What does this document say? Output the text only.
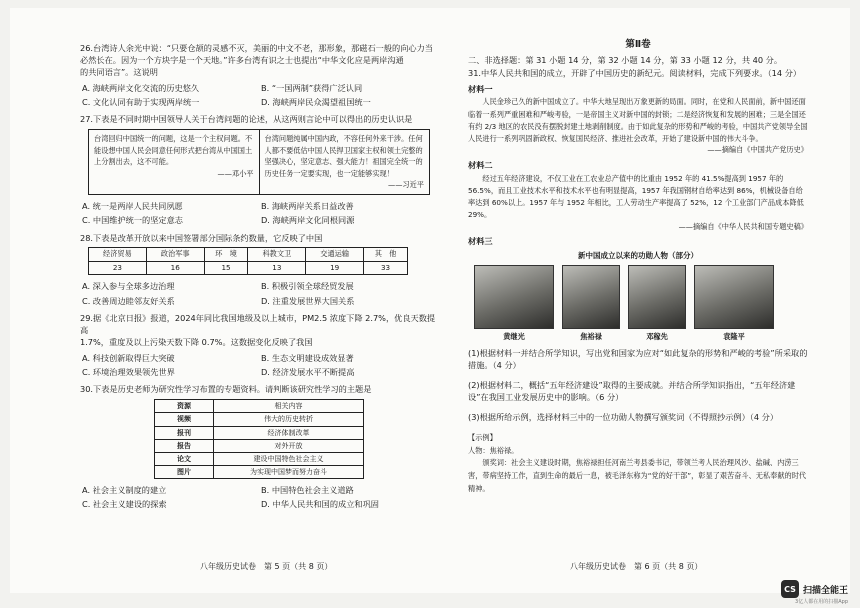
26.台湾诗人余光中说：“只要仓颉的灵感不灭，美丽的中文不老，那形象，那磁石一般的向心力当

必然长在。因为一个方块字是一个天地。”许多台湾有识之士也提出“中华文化应是两岸沟通

的共同语言”。这说明

A. 海峡两岸文化交流的历史悠久	B. “一国两制”获得广泛认同
C. 文化认同有助于实现两岸统一	D. 海峡两岸民众渴望祖国统一

27.下表是不同时期中国领导人关于台湾问题的论述，从这两则言论中可以得出的历史认识是

台湾回归中国统一的问题，这是一个主权问题。不能设想中国人民会同意任何形式把台湾从中国国土上分割出去，这不可能。
——邓小平
台湾问题纯属中国内政，不容任何外来干涉。任何人都不要低估中国人民捍卫国家主权和领土完整的坚强决心，坚定意志、强大能力！祖国完全统一的历史任务一定要实现，也一定能够实现！
——习近平
A. 统一是两岸人民共同夙愿	B. 海峡两岸关系日益改善
C. 中国维护统一的坚定意志	D. 海峡两岸文化同根同源

28.下表是改革开放以来中国签署部分国际条约数量，它反映了中国

经济贸易	政治军事	环　境	科教文卫	交通运输	其　他
23	16	15	13	19	33
A. 深入参与全球多边治理	B. 积极引领全球经贸发展
C. 改善周边睦邻友好关系	D. 注重发展世界大国关系

29.据《北京日报》报道，2024年同比我国地级及以上城市，PM2.5 浓度下降 2.7%，优良天数提高

1.7%，重度及以上污染天数下降 0.7%。这数据变化反映了我国

A. 科技创新取得巨大突破	B. 生态文明建设成效显著
C. 环境治理效果领先世界	D. 经济发展水平不断提高

30.下表是历史老师为研究性学习布置的专题资料。请判断该研究性学习的主题是

资源	相关内容
视频	伟大的历史转折
报刊	经济体制改革
报告	对外开放
论文	建设中国特色社会主义
图片	为实现中国梦而努力奋斗
A. 社会主义制度的建立	B. 中国特色社会主义道路
C. 社会主义建设的探索	D. 中华人民共和国的成立和巩固
八年级历史试卷　第 5 页（共 8 页）
第Ⅱ卷

二、非选择题：第 31 小题 14 分，第 32 小题 14 分，第 33 小题 12 分，共 40 分。

31.中华人民共和国的成立，开辟了中国历史的新纪元。阅读材料，完成下列要求。（14 分）

材料一

人民金珍己久的新中国成立了。中华大地呈现出万象更新的局面。同时，在党和人民面前，新中国还面临着一系列严重困难和严峻考验，一是帝国主义对新中国的封锁；二是经济恢复和发展的困难；三是全国还有约 2/3 地区的农民没有摆脱封建土地剥削制度。由于如此复杂的形势和严峻的考验，中国共产党领导全国人民进行一系列巩固新政权、恢复国民经济、推进社会改革，开始了建设新中国的伟大斗争。

——摘编自《中国共产党历史》
材料二

经过五年经济建设，不仅工业在工农业总产值中的比重由 1952 年的 41.5%提高到 1957 年的 56.5%，而且工业技术水平和技术水平也有明显提高，1957 年我国钢材自给率达到 86%，机械设备自给率达到 60%以上。1957 年与 1952 年相比，工人劳动生产率提高了 52%，12 个工业部门产品成本降低 29%。

——摘编自《中华人民共和国专题史稿》
材料三
新中国成立以来的功勋人物（部分）
黄继光	焦裕禄	邓稼先	袁隆平

(1)根据材料一并结合所学知识，写出党和国家为应对“如此复杂的形势和严峻的考验”所采取的措施。（4 分）

(2)根据材料二，概括“五年经济建设”取得的主要成就。并结合所学知识指出，“五年经济建设”在我国工业发展历史中的影响。（6 分）

(3)根据所给示例，选择材料三中的一位功勋人物撰写颁奖词（不得照抄示例）（4 分）

【示例】
人物：焦裕禄。
颁奖词：社会主义建设时期，焦裕禄担任河南兰考县委书记，带领兰考人民治理风沙、盐碱、内涝三害，带病坚持工作，直到生命的最后一息，被毛泽东称为“党的好干部”，彰显了艰苦奋斗、无私奉献的时代精神。
八年级历史试卷　第 6 页（共 8 页）
CS 扫描全能王
3亿人都在用的扫描App
